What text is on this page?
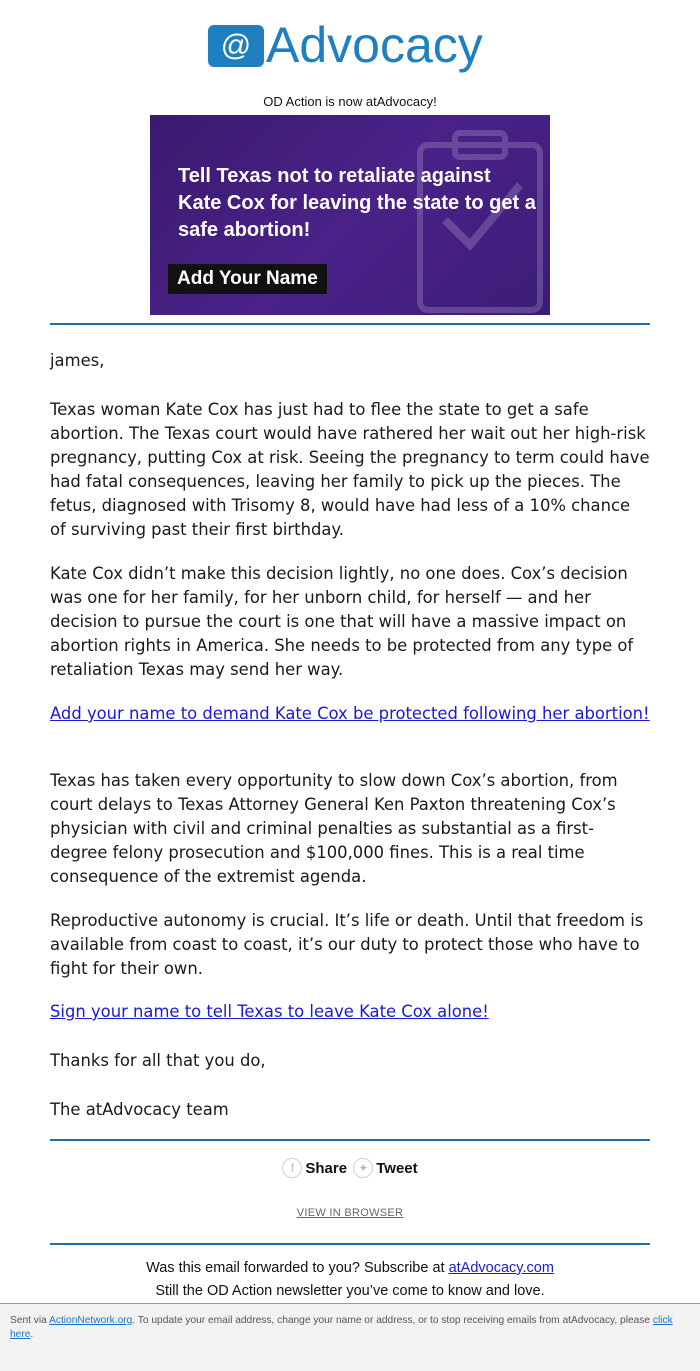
@ Advocacy
OD Action is now atAdvocacy!
Tell Texas not to retaliate against Kate Cox for leaving the state to get a safe abortion!
Add Your Name

james,

Texas woman Kate Cox has just had to flee the state to get a safe abortion. The Texas court would have rathered her wait out her high-risk pregnancy, putting Cox at risk. Seeing the pregnancy to term could have had fatal consequences, leaving her family to pick up the pieces. The fetus, diagnosed with Trisomy 8, would have had less of a 10% chance of surviving past their first birthday.

Kate Cox didn’t make this decision lightly, no one does. Cox’s decision was one for her family, for her unborn child, for herself — and her decision to pursue the court is one that will have a massive impact on abortion rights in America. She needs to be protected from any type of retaliation Texas may send her way.

Add your name to demand Kate Cox be protected following her abortion!

Texas has taken every opportunity to slow down Cox’s abortion, from court delays to Texas Attorney General Ken Paxton threatening Cox’s physician with civil and criminal penalties as substantial as a first-degree felony prosecution and $100,000 fines. This is a real time consequence of the extremist agenda.

Reproductive autonomy is crucial. It’s life or death. Until that freedom is available from coast to coast, it’s our duty to protect those who have to fight for their own.

Sign your name to tell Texas to leave Kate Cox alone!

Thanks for all that you do,

The atAdvocacy team

f Share
✦ Tweet
VIEW IN BROWSER
Was this email forwarded to you? Subscribe at atAdvocacy.com
Still the OD Action newsletter you’ve come to know and love.
Sent via ActionNetwork.org. To update your email address, change your name or address, or to stop receiving emails from atAdvocacy, please click here.
